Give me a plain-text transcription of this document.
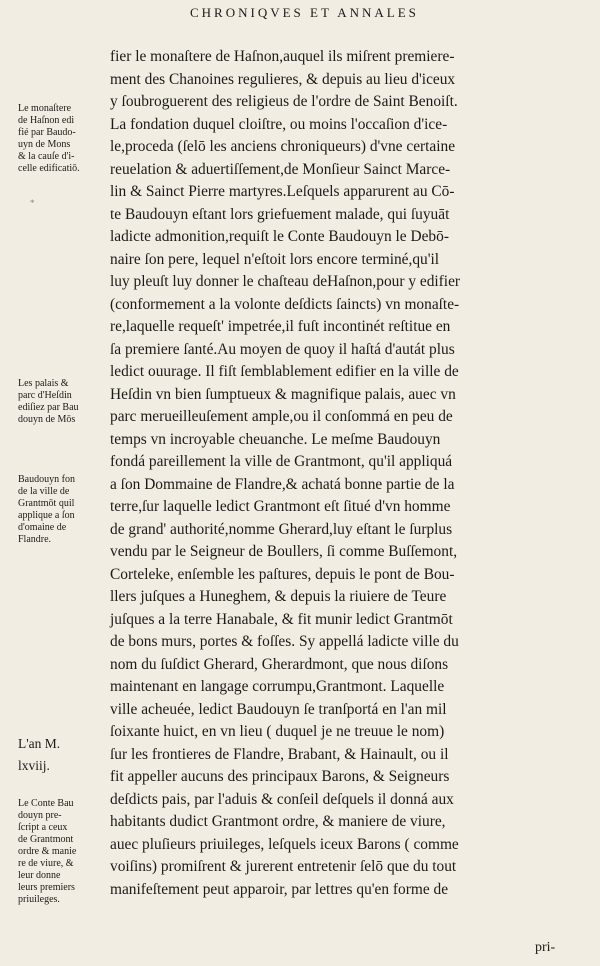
CHRONIQVES ET ANNALES
fier le monaſtere de Haſnon,auquel ils miſrent premiere-
ment des Chanoines regulieres, & depuis au lieu d'iceux
y ſoubroguerent des religieus de l'ordre de Saint Benoiſt.
La fondation duquel cloiſtre, ou moins l'occaſion d'ice-
le,proceda (ſelō les anciens chroniqueurs) d'vne certaine
reuelation & aduertiſſement,de Monſieur Sainct Marce-
lin & Sainct Pierre martyres.Leſquels apparurent au Cō-
te Baudouyn eſtant lors griefuement malade, qui ſuyuāt
ladicte admonition,requiſt le Conte Baudouyn le Debō-
naire ſon pere, lequel n'eſtoit lors encore terminé,qu'il
luy pleuſt luy donner le chaſteau deHaſnon,pour y edifier
(conformement a la volonte deſdicts ſaincts) vn monaſte-
re,laquelle requeſt' impetrée,il fuſt incontinét reſtitue en
ſa premiere ſanté.Au moyen de quoy il haſtá d'autát plus
ledict ouurage. Il fiſt ſemblablement edifier en la ville de
Heſdin vn bien ſumptueux & magnifique palais, auec vn
parc merueilleuſement ample,ou il conſommá en peu de
temps vn incroyable cheuanche. Le meſme Baudouyn
fondá pareillement la ville de Grantmont, qu'il appliquá
a ſon Dommaine de Flandre,& achatá bonne partie de la
terre,ſur laquelle ledict Grantmont eſt ſitué d'vn homme
de grand' authorité,nomme Gherard,luy eſtant le ſurplus
vendu par le Seigneur de Boullers, ſi comme Buſſemont,
Corteleke, enſemble les paſtures, depuis le pont de Bou-
llers juſques a Huneghem, & depuis la riuiere de Teure
juſques a la terre Hanabale, & fit munir ledict Grantmōt
de bons murs, portes & foſſes. Sy appellá ladicte ville du
nom du ſuſdict Gherard, Gherardmont, que nous diſons
maintenant en langage corrumpu,Grantmont. Laquelle
ville acheuée, ledict Baudouyn ſe tranſportá en l'an mil
ſoixante huict, en vn lieu ( duquel je ne treuue le nom)
ſur les frontieres de Flandre, Brabant, & Hainault, ou il
fit appeller aucuns des principaux Barons, & Seigneurs
deſdicts pais, par l'aduis & conſeil deſquels il donná aux
habitants dudict Grantmont ordre, & maniere de viure,
auec pluſieurs priuileges, leſquels iceux Barons ( comme
voiſins) promiſrent & jurerent entretenir ſelō que du tout
manifeſtement peut apparoir, par lettres qu'en forme de
Le monaſtere
de Haſnon edi
fié par Baudo-
uyn de Mons
& la cauſe d'i-
celle edificatiō.
*
Les palais &
parc d'Heſdin
ediſiez par Bau
douyn de Mōs
Baudouyn fon
de la ville de
Grantmōt quil
applique a ſon
d'omaine de
Flandre.
L'an M.
lxviij.
Le Conte Bau
douyn pre-
ſcript a ceux
de Grantmont
ordre & manie
re de viure, &
leur donne
leurs premiers
priuileges.
pri-
